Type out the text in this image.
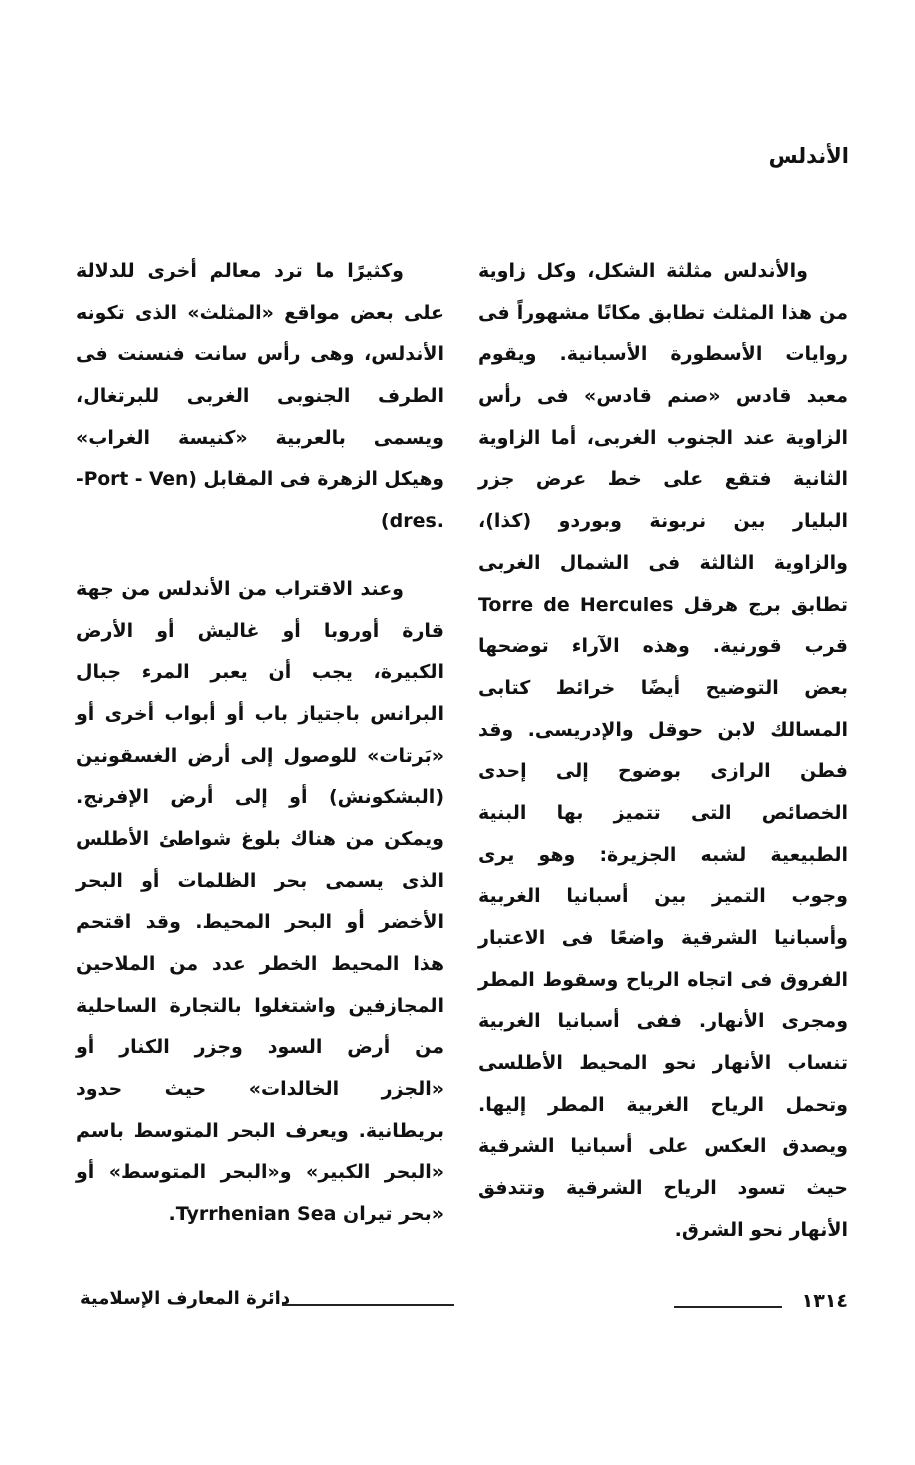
الأندلس
والأندلس مثلثة الشكل، وكل زاوية
من هذا المثلث تطابق مكانًا مشهوراً فى
روايات الأسطورة الأسبانية. ويقوم
معبد قادس «صنم قادس» فى رأس
الزاوية عند الجنوب الغربى، أما الزاوية
الثانية فتقع على خط عرض جزر
البليار بين نربونة وبوردو (كذا)،
والزاوية الثالثة فى الشمال الغربى
تطابق برج هرقل Torre de Hercules
قرب قورنية. وهذه الآراء توضحها
بعض التوضيح أيضًا خرائط كتابى
المسالك لابن حوقل والإدريسى. وقد
فطن الرازى بوضوح إلى إحدى
الخصائص التى تتميز بها البنية
الطبيعية لشبه الجزيرة: وهو يرى
وجوب التميز بين أسبانيا الغربية
وأسبانيا الشرقية واضعًا فى الاعتبار
الفروق فى اتجاه الرياح وسقوط المطر
ومجرى الأنهار. ففى أسبانيا الغربية
تنساب الأنهار نحو المحيط الأطلسى
وتحمل الرياح الغربية المطر إليها.
ويصدق العكس على أسبانيا الشرقية
حيث تسود الرياح الشرقية وتتدفق
الأنهار نحو الشرق.
وكثيرًا ما ترد معالم أخرى للدلالة
على بعض مواقع «المثلث» الذى تكونه
الأندلس، وهى رأس سانت فنسنت فى
الطرف الجنوبى الغربى للبرتغال،
ويسمى بالعربية «كنيسة الغراب»
وهيكل الزهرة فى المقابل (Port - Ven-
.dres)
وعند الاقتراب من الأندلس من جهة
قارة أوروبا أو غاليش أو الأرض
الكبيرة، يجب أن يعبر المرء جبال
البرانس باجتياز باب أو أبواب أخرى أو
«بَرتات» للوصول إلى أرض الغسقونين
(البشكونش) أو إلى أرض الإفرنج.
ويمكن من هناك بلوغ شواطئ الأطلس
الذى يسمى بحر الظلمات أو البحر
الأخضر أو البحر المحيط. وقد اقتحم
هذا المحيط الخطر عدد من الملاحين
المجازفين واشتغلوا بالتجارة الساحلية
من أرض السود وجزر الكنار أو
«الجزر الخالدات» حيث حدود
بريطانية. ويعرف البحر المتوسط باسم
«البحر الكبير» و«البحر المتوسط» أو
«بحر تيران Tyrrhenian Sea.
١٣١٤
دائرة المعارف الإسلامية
